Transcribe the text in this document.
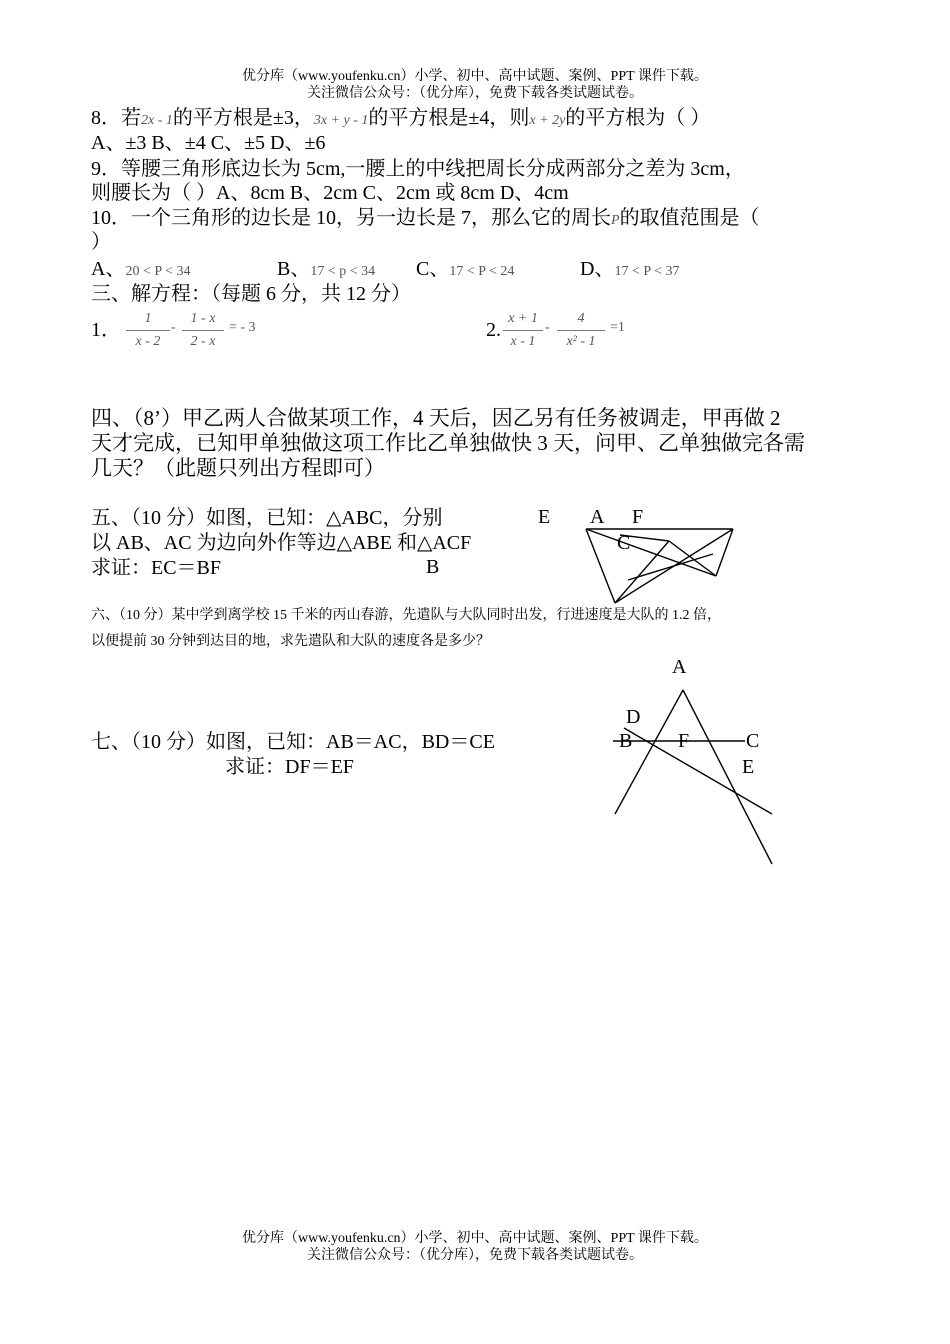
优分库（www.youfenku.cn）小学、初中、高中试题、案例、PPT 课件下载。
关注微信公众号：（优分库），免费下载各类试题试卷。
8．若2x - 1的平方根是±3，3x + y - 1的平方根是±4，则x + 2y的平方根为（ ）
A、±3 B、±4 C、±5 D、±6
9．等腰三角形底边长为 5cm,一腰上的中线把周长分成两部分之差为 3cm，
则腰长为（ ）A、8cm B、2cm C、2cm 或 8cm D、4cm
10．一个三角形的边长是 10，另一边长是 7，那么它的周长P的取值范围是（
）
A、20 < P < 34	B、17 < p < 34 C、17 < P < 24	D、17 < P < 37
三、解方程：（每题 6 分，共 12 分）
1．
1
x - 2
-
1 - x
2 - x
= - 3	2.
x + 1
x - 1
-
4
x² - 1
=1
四、（8’）甲乙两人合做某项工作，4 天后，因乙另有任务被调走，甲再做 2
天才完成，已知甲单独做这项工作比乙单独做快 3 天，问甲、乙单独做完各需
几天？（此题只列出方程即可）
五、（10 分）如图，已知：△ABC，分别
以 AB、AC 为边向外作等边△ABE 和△ACF
求证：EC＝BF
E A F
C
B
六、（10 分）某中学到离学校 15 千米的丙山春游，先遣队与大队同时出发，行进速度是大队的 1.2 倍，
以便提前 30 分钟到达目的地，求先遣队和大队的速度各是多少？
七、（10 分）如图，已知：AB＝AC，BD＝CE
求证：DF＝EF
A
D
B F	C
E
优分库（www.youfenku.cn）小学、初中、高中试题、案例、PPT 课件下载。
关注微信公众号：（优分库），免费下载各类试题试卷。
